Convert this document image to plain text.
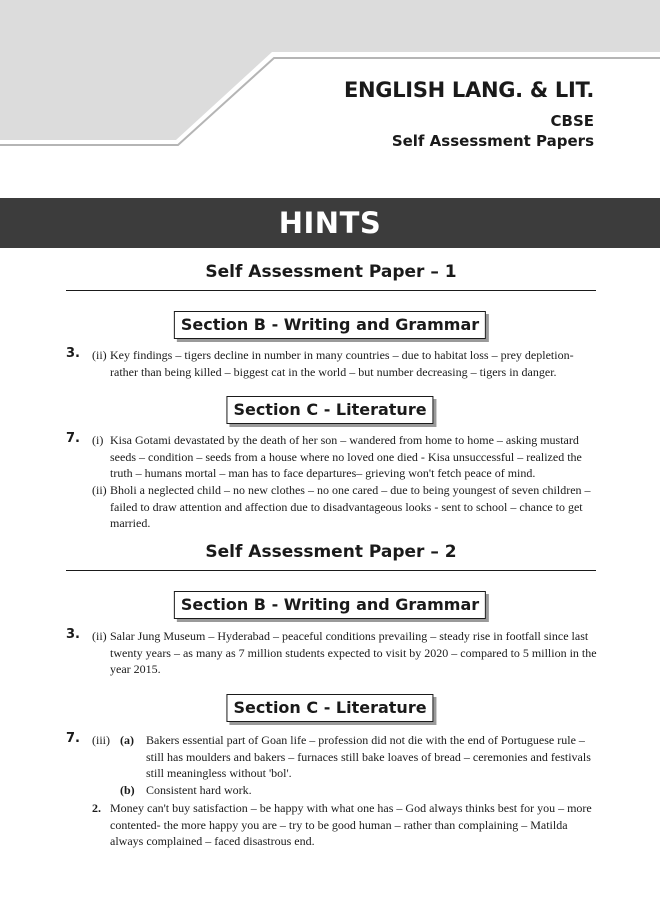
ENGLISH LANG. & LIT.
CBSE
Self Assessment Papers
HINTS
Self Assessment Paper – 1
Section B - Writing and Grammar
3. (ii) Key findings – tigers decline in number in many countries – due to habitat loss – prey depletion- rather than being killed – biggest cat in the world – but number decreasing – tigers in danger.
Section C - Literature
7. (i) Kisa Gotami devastated by the death of her son – wandered from home to home – asking mustard seeds – condition – seeds from a house where no loved one died - Kisa unsuccessful – realized the truth – humans mortal – man has to face departures– grieving won't fetch peace of mind.
(ii) Bholi a neglected child – no new clothes – no one cared – due to being youngest of seven children – failed to draw attention and affection due to disadvantageous looks - sent to school – chance to get married.
Self Assessment Paper – 2
Section B - Writing and Grammar
3. (ii) Salar Jung Museum – Hyderabad – peaceful conditions prevailing – steady rise in footfall since last twenty years – as many as 7 million students expected to visit by 2020 – compared to 5 million in the year 2015.
Section C - Literature
7. (iii) (a) Bakers essential part of Goan life – profession did not die with the end of Portuguese rule – still has moulders and bakers – furnaces still bake loaves of bread – ceremonies and festivals still meaningless without 'bol'.
(b) Consistent hard work.
2. Money can't buy satisfaction – be happy with what one has – God always thinks best for you – more contented- the more happy you are – try to be good human – rather than complaining – Matilda always complained – faced disastrous end.
